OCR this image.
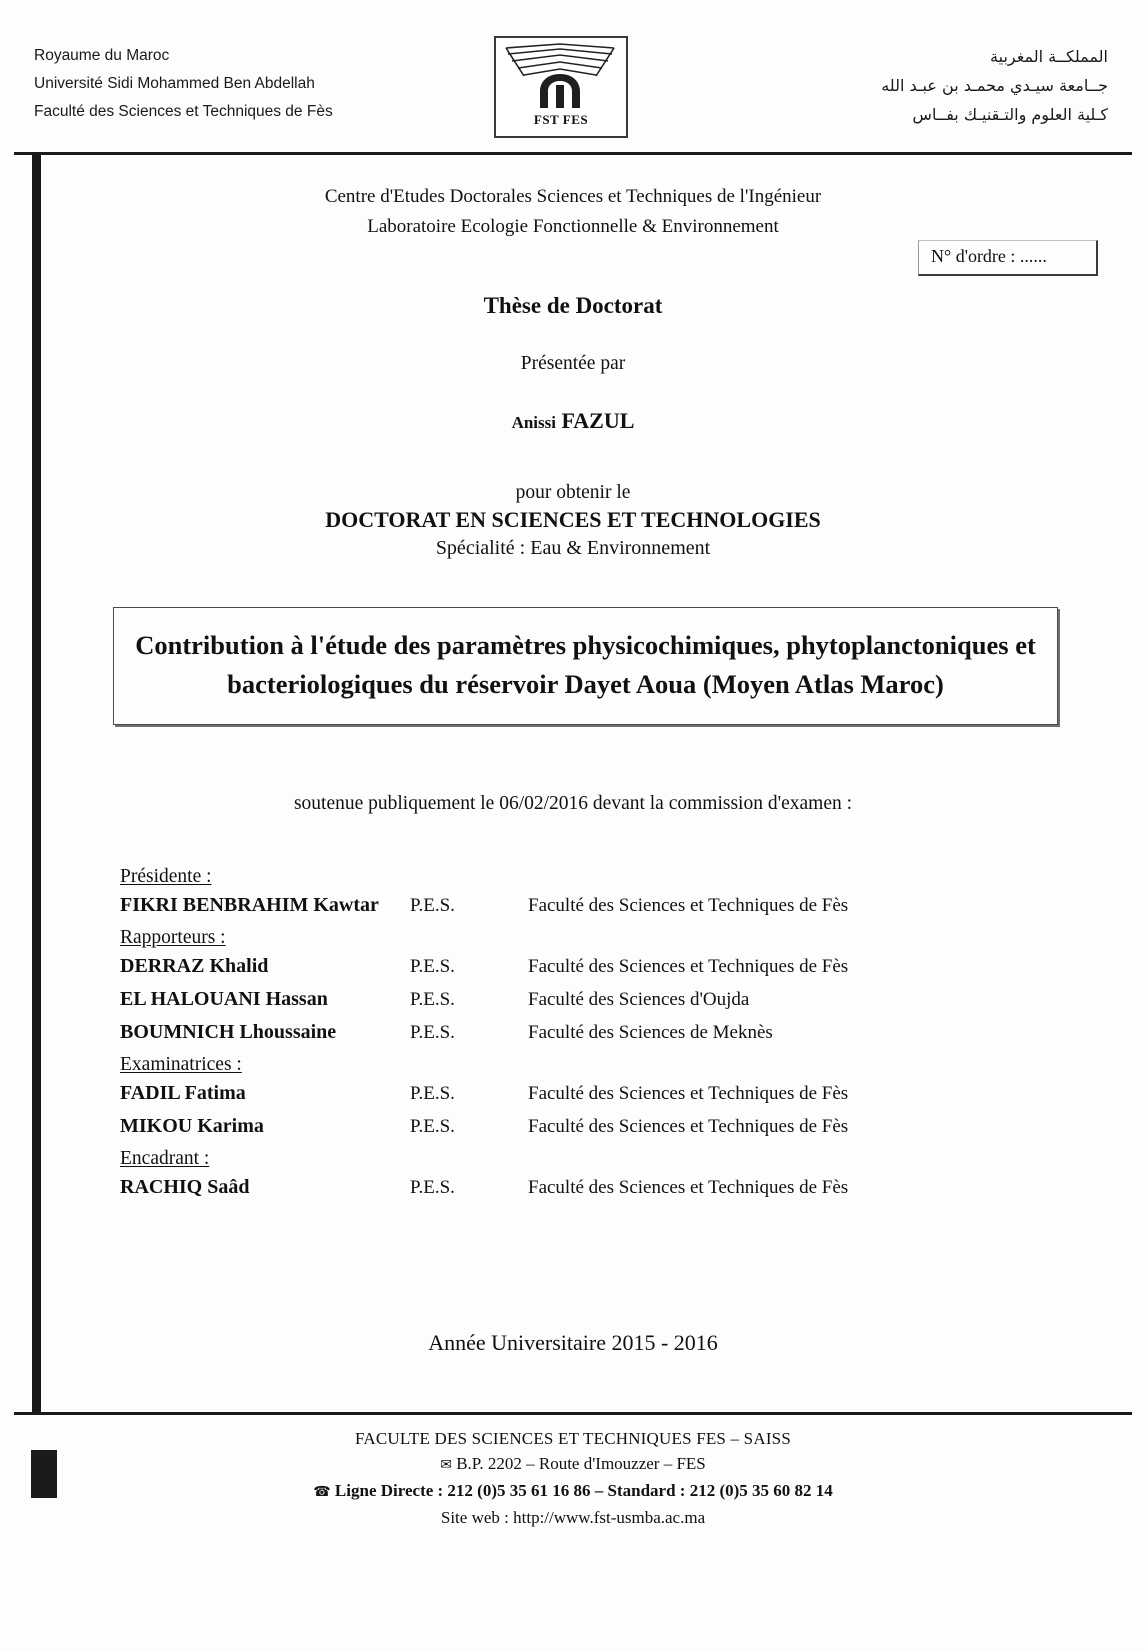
Royaume du Maroc
Université Sidi Mohammed Ben Abdellah
Faculté des Sciences et Techniques de Fès	FST FES
المملكــة المغربية
جــامعة سيـدي محمـد بن عبـد الله
كـلية العلوم والتـقنيـك بفــاس
Centre d'Etudes Doctorales Sciences et Techniques de l'Ingénieur
Laboratoire Ecologie Fonctionnelle & Environnement
N° d'ordre : ......
Thèse de Doctorat
Présentée par
Anissi FAZUL
pour obtenir le
DOCTORAT EN SCIENCES ET TECHNOLOGIES
Spécialité : Eau & Environnement
Contribution à l'étude des paramètres physicochimiques, phytoplanctoniques et bacteriologiques du réservoir Dayet Aoua (Moyen Atlas Maroc)
soutenue publiquement le 06/02/2016 devant la commission d'examen :
Présidente :
FIKRI BENBRAHIM Kawtar	P.E.S.	Faculté des Sciences et Techniques de Fès
Rapporteurs :
DERRAZ Khalid	P.E.S.	Faculté des Sciences et Techniques de Fès
EL HALOUANI Hassan	P.E.S.	Faculté des Sciences d'Oujda
BOUMNICH Lhoussaine	P.E.S.	Faculté des Sciences de Meknès
Examinatrices :
FADIL Fatima	P.E.S.	Faculté des Sciences et Techniques de Fès
MIKOU Karima	P.E.S.	Faculté des Sciences et Techniques de Fès
Encadrant :
RACHIQ Saâd	P.E.S.	Faculté des Sciences et Techniques de Fès
Année Universitaire 2015 - 2016
FACULTE DES SCIENCES ET TECHNIQUES FES – SAISS
✉ B.P. 2202 – Route d'Imouzzer – FES
☎ Ligne Directe : 212 (0)5 35 61 16 86 – Standard : 212 (0)5 35 60 82 14
Site web : http://www.fst-usmba.ac.ma
